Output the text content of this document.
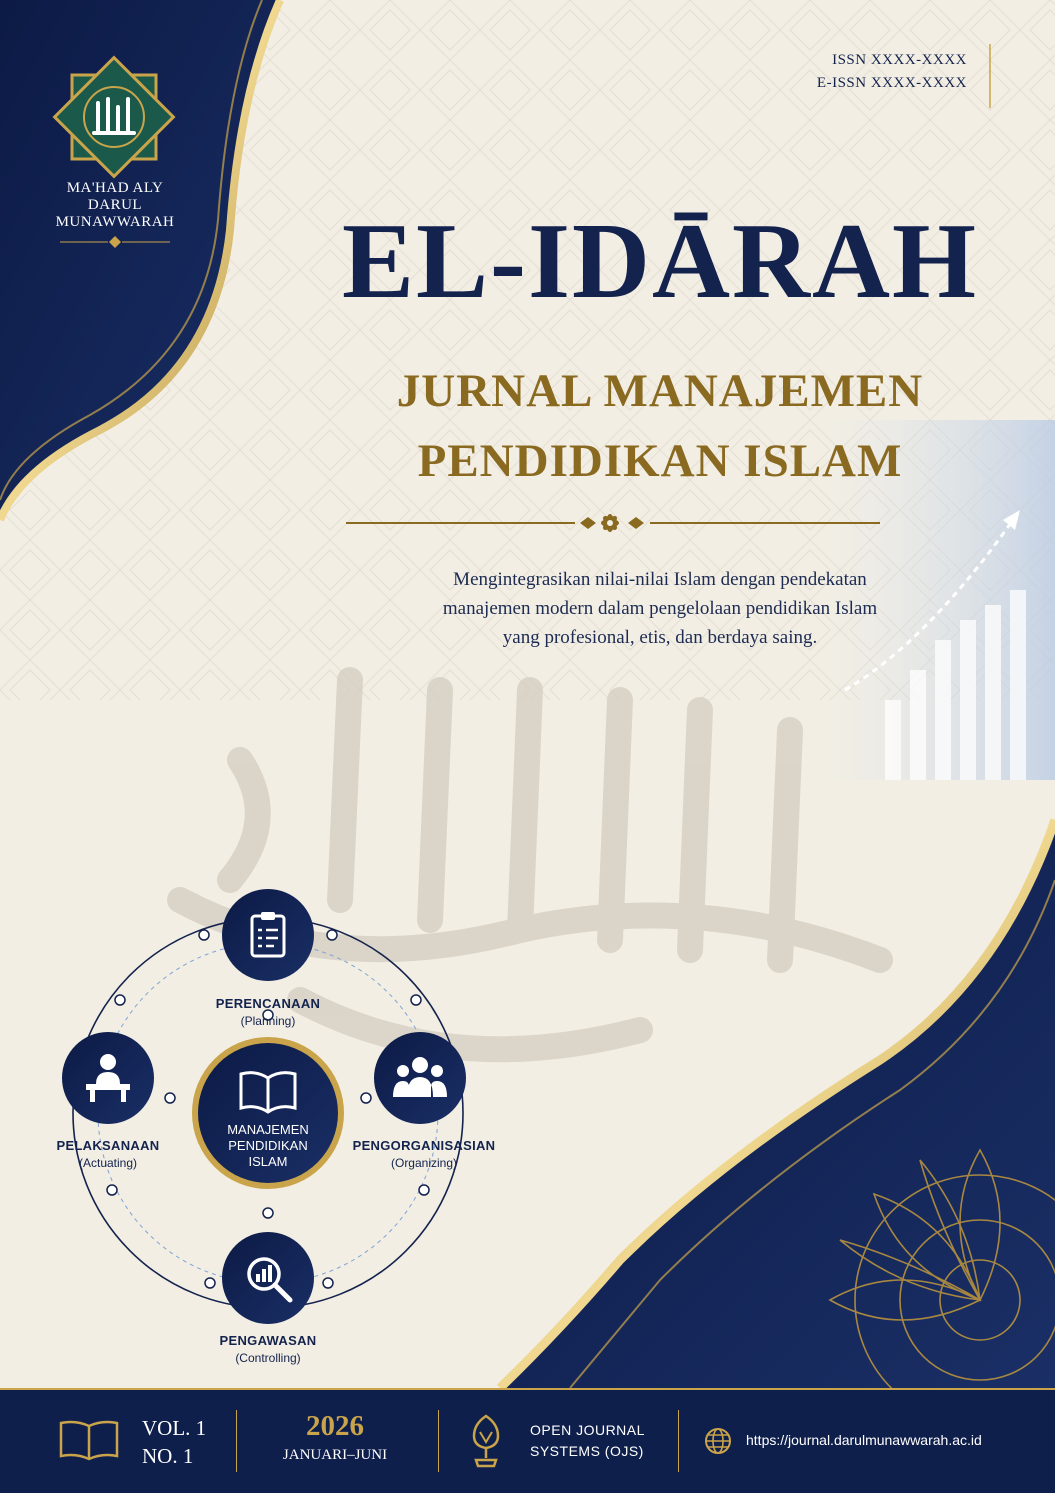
MA'HAD ALY
DARUL MUNAWWARAH
ISSN XXXX-XXXX
E-ISSN XXXX-XXXX
EL-IDĀRAH
JURNAL MANAJEMEN
PENDIDIKAN ISLAM
Mengintegrasikan nilai-nilai Islam dengan pendekatan
manajemen modern dalam pengelolaan pendidikan Islam
yang profesional, etis, dan berdaya saing.
MANAJEMEN
PENDIDIKAN
ISLAM
PERENCANAAN
(Planning)
PENGORGANISASIAN
(Organizing)
PELAKSANAAN
(Actuating)
PENGAWASAN
(Controlling)
VOL. 1
NO. 1
2026
JANUARI–JUNI
OPEN JOURNAL
SYSTEMS (OJS)
https://journal.darulmunawwarah.ac.id
